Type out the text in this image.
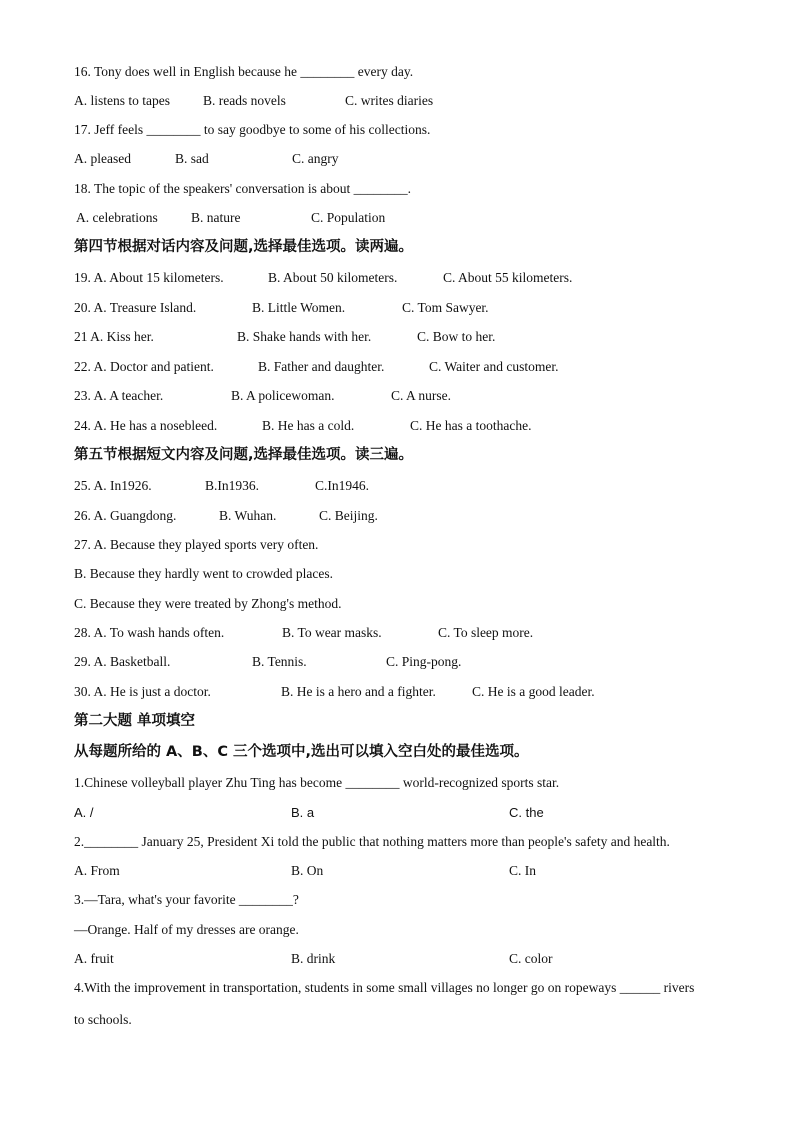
16. Tony does well in English because he ________ every day.
A. listens to tapes B. reads novels	C. writes diaries
17. Jeff feels ________ to say goodbye to some of his collections.
A. pleased	B. sad	C. angry
18. The topic of the speakers' conversation is about ________.
A. celebrations B. nature	C. Population
第四节根据对话内容及问题,选择最佳选项。读两遍。
19. A. About 15 kilometers.	B. About 50 kilometers.	C. About 55 kilometers.
20. A. Treasure Island.	B. Little Women.	C. Tom Sawyer.
21 A. Kiss her.	B. Shake hands with her.	C. Bow to her.
22. A. Doctor and patient.	B. Father and daughter.	C. Waiter and customer.
23. A. A teacher.	B. A policewoman.	C. A nurse.
24. A. He has a nosebleed.	B. He has a cold.	C. He has a toothache.
第五节根据短文内容及问题,选择最佳选项。读三遍。
25. A. In1926.	B.In1936.	C.In1946.
26. A. Guangdong.	B. Wuhan.	C. Beijing.
27. A. Because they played sports very often.
B. Because they hardly went to crowded places.
C. Because they were treated by Zhong's method.
28. A. To wash hands often.	B. To wear masks.	C. To sleep more.
29. A. Basketball.	B. Tennis.	C. Ping-pong.
30. A. He is just a doctor.	B. He is a hero and a fighter.	C. He is a good leader.
第二大题 单项填空
从每题所给的 A、B、C 三个选项中,选出可以填入空白处的最佳选项。
1.Chinese volleyball player Zhu Ting has become ________ world-recognized sports star.
A. /	B. a	C. the
2.________ January 25, President Xi told the public that nothing matters more than people's safety and health.
A. From	B. On	C. In
3.—Tara, what's your favorite ________?
—Orange. Half of my dresses are orange.
A. fruit	B. drink	C. color
4.With the improvement in transportation, students in some small villages no longer go on ropeways ______ rivers
to schools.
